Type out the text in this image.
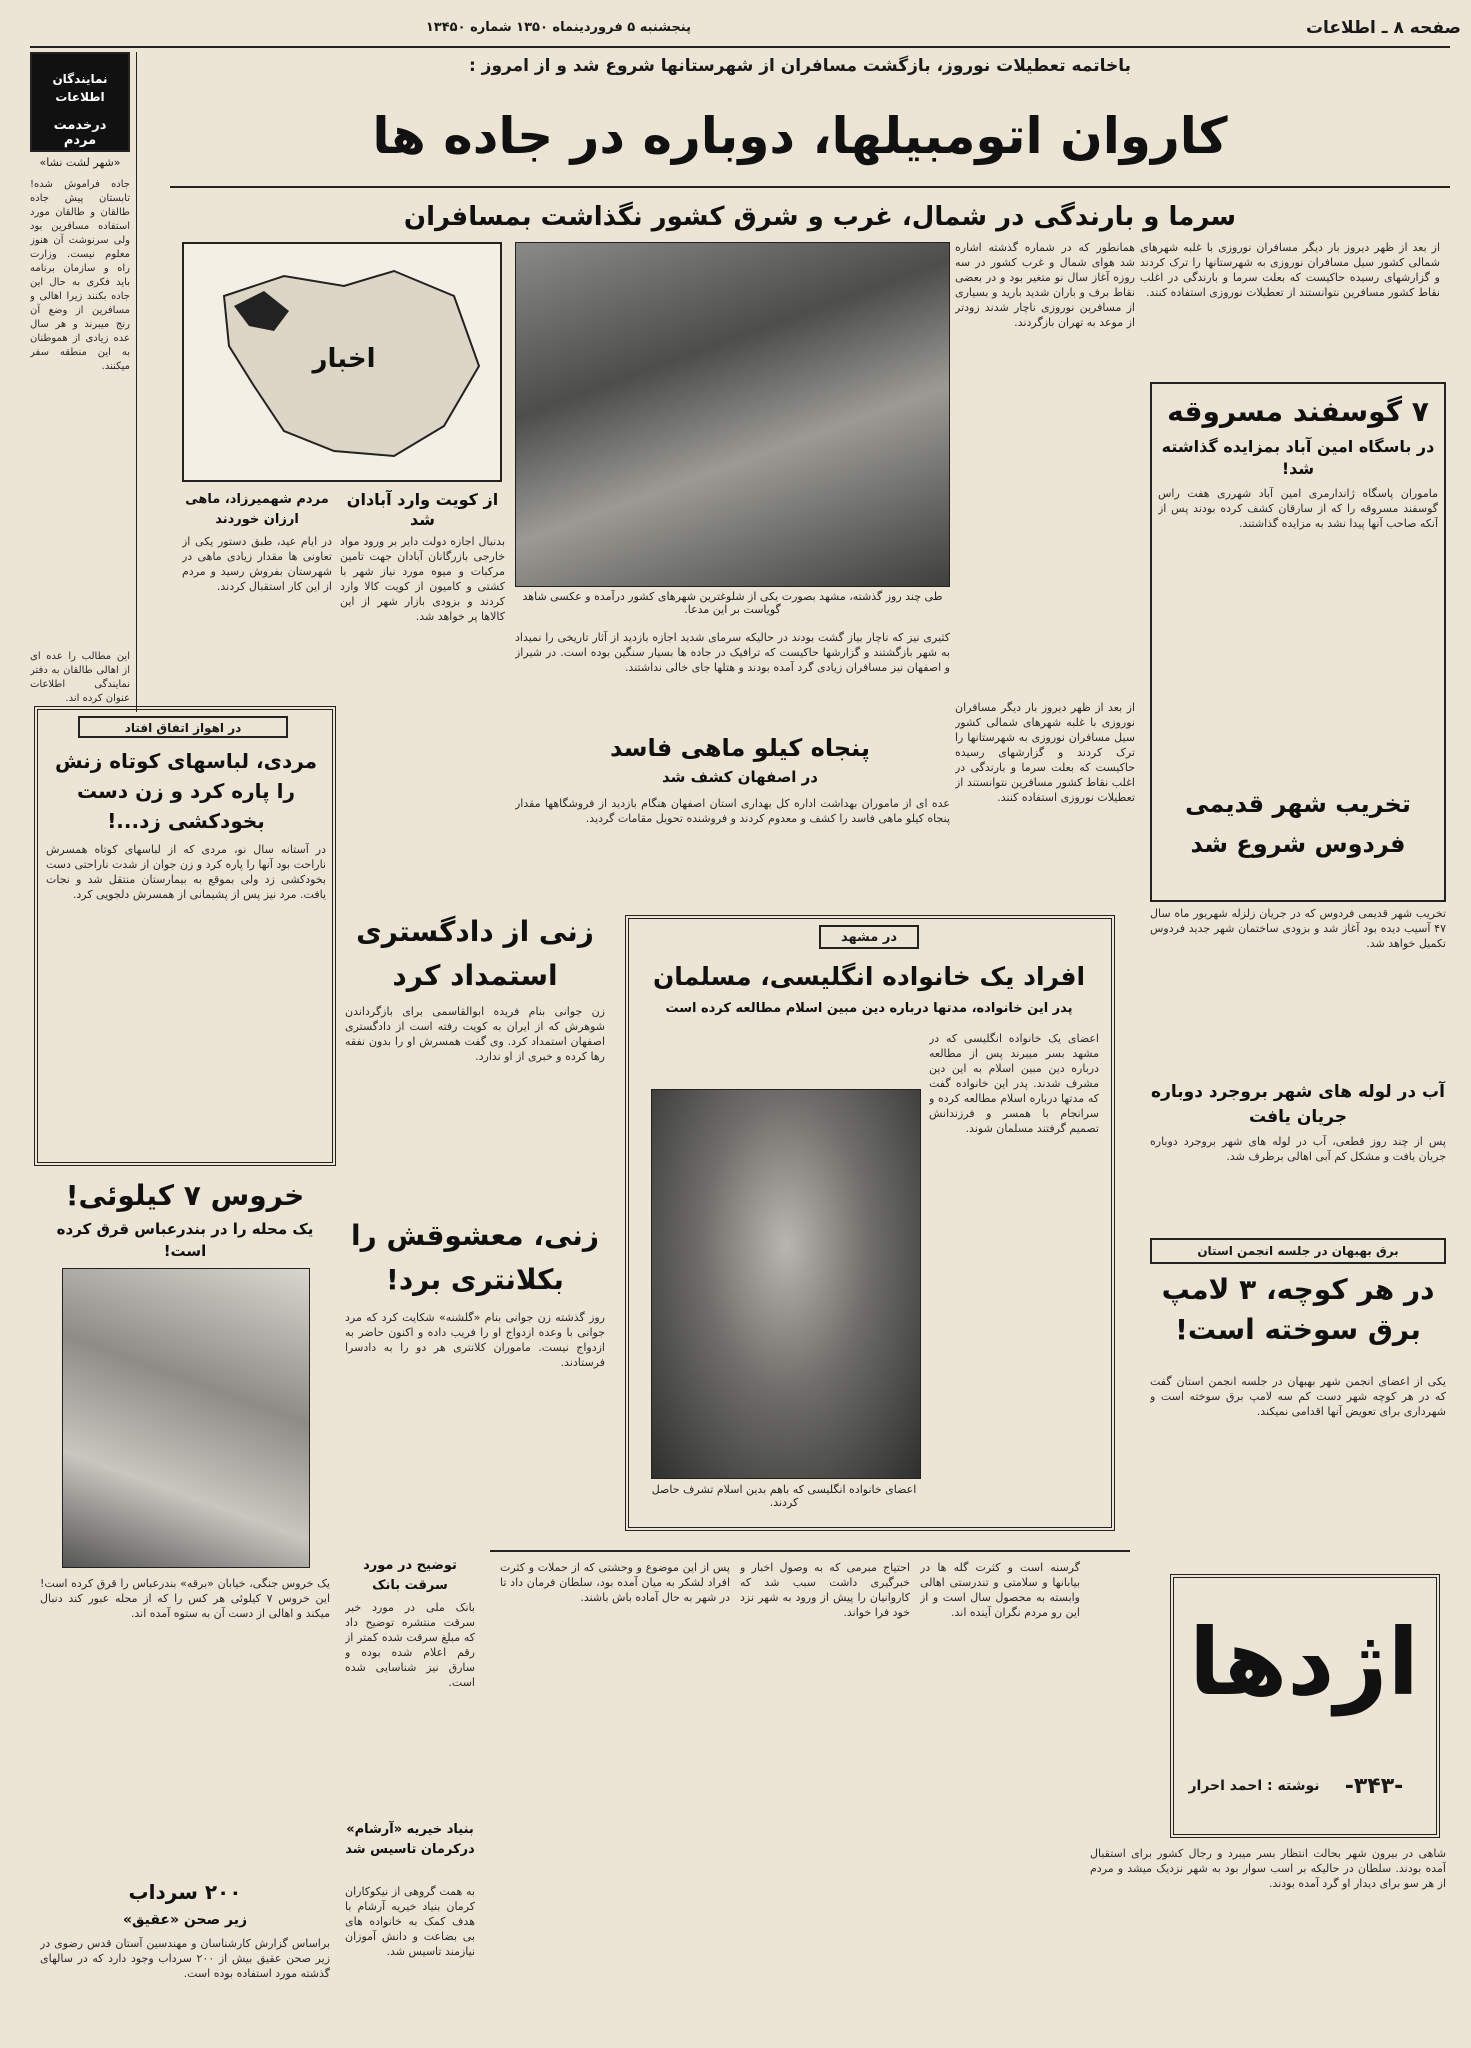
صفحه ۸ ـ اطلاعات
پنجشنبه ۵ فروردینماه ۱۳۵۰ شماره ۱۳۴۵۰
نمایندگان اطلاعات
درخدمت مردم
«شهر لشت نشا»
جاده فراموش شده! تابستان پیش جاده طالقان و طالقان مورد استفاده مسافرین بود ولی سرنوشت آن هنوز معلوم نیست. وزارت راه و سازمان برنامه باید فکری به حال این جاده بکنند زیرا اهالی و مسافرین از وضع آن رنج میبرند و هر سال عده زیادی از هموطنان به این منطقه سفر میکنند.
این مطالب را عده ای از اهالی طالقان به دفتر نمایندگی اطلاعات عنوان کرده اند.
باخاتمه تعطیلات نوروز، بازگشت مسافران از شهرستانها شروع شد و از امروز :
کاروان اتومبیلها، دوباره در جاده ها
سرما و بارندگی در شمال، غرب و شرق کشور نگذاشت بمسافران
از بعد از ظهر دیروز بار دیگر مسافران نوروزی با غلبه شهرهای شمالی کشور سیل مسافران نوروزی به شهرستانها را ترک کردند و گزارشهای رسیده حاکیست که بعلت سرما و بارندگی در اغلب نقاط کشور مسافرین نتوانستند از تعطیلات نوروزی استفاده کنند.
همانطور که در شماره گذشته اشاره شد هوای شمال و غرب کشور در سه روزه آغاز سال نو متغیر بود و در بعضی نقاط برف و باران شدید بارید و بسیاری از مسافرین نوروزی ناچار شدند زودتر از موعد به تهران بازگردند.
طی چند روز گذشته، مشهد بصورت یکی از شلوغترین شهرهای کشور درآمده و عکسی شاهد گویاست بر این مدعا.
اخبار
مردم شهمیرزاد، ماهی ارزان خوردند
در ایام عید، طبق دستور یکی از تعاونی ها مقدار زیادی ماهی در شهرستان بفروش رسید و مردم از این کار استقبال کردند.
از کویت وارد آبادان شد
بدنبال اجازه دولت دایر بر ورود مواد خارجی بازرگانان آبادان جهت تامین مرکبات و میوه مورد نیاز شهر با کشتی و کامیون از کویت کالا وارد کردند و بزودی بازار شهر از این کالاها پر خواهد شد.
کثیری نیز که ناچار بیاز گشت بودند در حالیکه سرمای شدید اجازه بازدید از آثار تاریخی را نمیداد به شهر بازگشتند و گزارشها حاکیست که ترافیک در جاده ها بسیار سنگین بوده است. در شیراز و اصفهان نیز مسافران زیادی گرد آمده بودند و هتلها جای خالی نداشتند.
پنجاه کیلو ماهی فاسد
در اصفهان کشف شد
عده ای از ماموران بهداشت اداره کل بهداری استان اصفهان هنگام بازدید از فروشگاهها مقدار پنجاه کیلو ماهی فاسد را کشف و معدوم کردند و فروشنده تحویل مقامات گردید.
از بعد از ظهر دیروز بار دیگر مسافران نوروزی با غلبه شهرهای شمالی کشور سیل مسافران نوروزی به شهرستانها را ترک کردند و گزارشهای رسیده حاکیست که بعلت سرما و بارندگی در اغلب نقاط کشور مسافرین نتوانستند از تعطیلات نوروزی استفاده کنند.
در اهواز اتفاق افتاد
مردی، لباسهای کوتاه زنش را پاره کرد و زن دست بخودکشی زد...!
در آستانه سال نو، مردی که از لباسهای کوتاه همسرش ناراحت بود آنها را پاره کرد و زن جوان از شدت ناراحتی دست بخودکشی زد ولی بموقع به بیمارستان منتقل شد و نجات یافت. مرد نیز پس از پشیمانی از همسرش دلجویی کرد.
خروس ۷ کیلوئی!
یک محله را در بندرعباس قرق کرده است!
یک خروس جنگی، خیابان «برقه» بندرعباس را قرق کرده است! این خروس ۷ کیلوئی هر کس را که از محله عبور کند دنبال میکند و اهالی از دست آن به ستوه آمده اند.
۲۰۰ سرداب
زیر صحن «عقیق»
براساس گزارش کارشناسان و مهندسین آستان قدس رضوی در زیر صحن عقیق بیش از ۲۰۰ سرداب وجود دارد که در سالهای گذشته مورد استفاده بوده است.
زنی از دادگستری استمداد کرد
زن جوانی بنام فریده ابوالقاسمی برای بازگرداندن شوهرش که از ایران به کویت رفته است از دادگستری اصفهان استمداد کرد. وی گفت همسرش او را بدون نفقه رها کرده و خبری از او ندارد.
زنی، معشوقش را بکلانتری برد!
روز گذشته زن جوانی بنام «گلشنه» شکایت کرد که مرد جوانی با وعده ازدواج او را فریب داده و اکنون حاضر به ازدواج نیست. ماموران کلانتری هر دو را به دادسرا فرستادند.
توضیح در مورد سرقت بانک
بانک ملی در مورد خبر سرقت منتشره توضیح داد که مبلغ سرقت شده کمتر از رقم اعلام شده بوده و سارق نیز شناسایی شده است.
بنیاد خیریه «آرشام» درکرمان تاسیس شد
به همت گروهی از نیکوکاران کرمان بنیاد خیریه آرشام با هدف کمک به خانواده های بی بضاعت و دانش آموزان نیازمند تاسیس شد.
در مشهد
افراد یک خانواده انگلیسی، مسلمان
پدر این خانواده، مدتها درباره دین مبین اسلام مطالعه کرده است
اعضای یک خانواده انگلیسی که در مشهد بسر میبرند پس از مطالعه درباره دین مبین اسلام به این دین مشرف شدند. پدر این خانواده گفت که مدتها درباره اسلام مطالعه کرده و سرانجام با همسر و فرزندانش تصمیم گرفتند مسلمان شوند.
اعضای خانواده انگلیسی که باهم بدین اسلام تشرف حاصل کردند.
۷ گوسفند مسروقه
در باسگاه امین آباد بمزایده گذاشته شد!
ماموران پاسگاه ژاندارمری امین آباد شهرری هفت راس گوسفند مسروقه را که از سارقان کشف کرده بودند پس از آنکه صاحب آنها پیدا نشد به مزایده گذاشتند.
تخریب شهر قدیمی فردوس شروع شد
تخریب شهر قدیمی فردوس که در جریان زلزله شهریور ماه سال ۴۷ آسیب دیده بود آغاز شد و بزودی ساختمان شهر جدید فردوس تکمیل خواهد شد.
آب در لوله های شهر بروجرد دوباره جریان یافت
پس از چند روز قطعی، آب در لوله های شهر بروجرد دوباره جریان یافت و مشکل کم آبی اهالی برطرف شد.
برق بهبهان در جلسه انجمن استان
در هر کوچه، ۳ لامپ برق سوخته است!
یکی از اعضای انجمن شهر بهبهان در جلسه انجمن استان گفت که در هر کوچه شهر دست کم سه لامپ برق سوخته است و شهرداری برای تعویض آنها اقدامی نمیکند.
اژدها
-۳۴۳-
نوشته : احمد احرار
شاهی در بیرون شهر بحالت انتظار بسر میبرد و رجال کشور برای استقبال آمده بودند. سلطان در حالیکه بر اسب سوار بود به شهر نزدیک میشد و مردم از هر سو برای دیدار او گرد آمده بودند.
گرسنه است و کثرت گله ها در بیابانها و سلامتی و تندرستی اهالی وابسته به محصول سال است و از این رو مردم نگران آینده اند.
احتیاج مبرمی که به وصول اخبار و خبرگیری داشت سبب شد که کاروانیان را پیش از ورود به شهر نزد خود فرا خواند.
پس از این موضوع و وحشتی که از حملات و کثرت افراد لشکر به میان آمده بود، سلطان فرمان داد تا در شهر به حال آماده باش باشند.
